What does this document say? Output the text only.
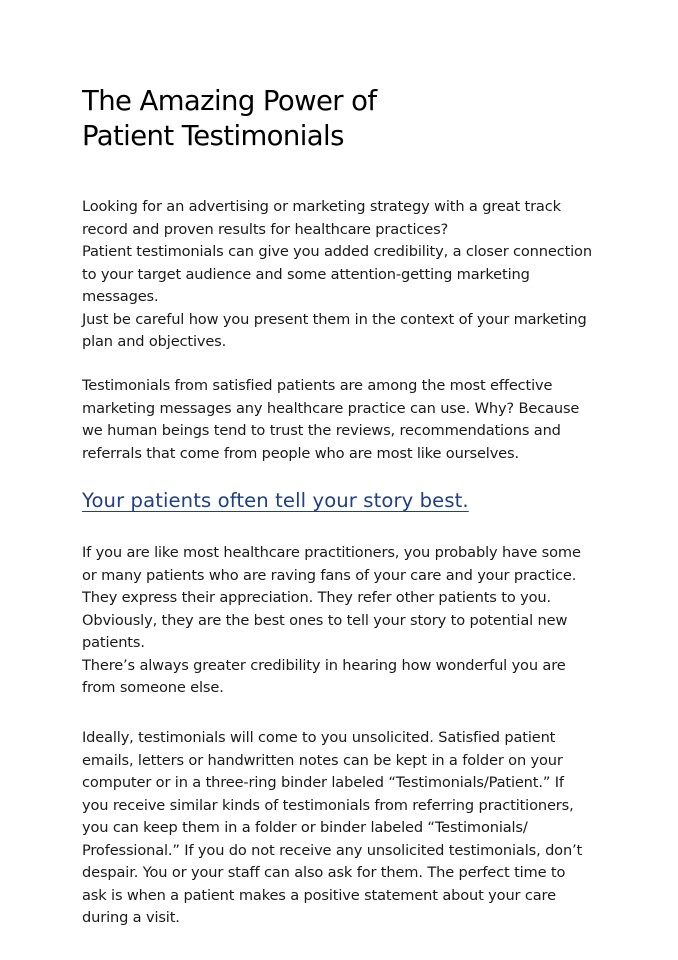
The Amazing Power of
Patient Testimonials

Looking for an advertising or marketing strategy with a great track
record and proven results for healthcare practices?
Patient testimonials can give you added credibility, a closer connection
to your target audience and some attention-getting marketing
messages.
Just be careful how you present them in the context of your marketing
plan and objectives.

Testimonials from satisfied patients are among the most effective
marketing messages any healthcare practice can use. Why? Because
we human beings tend to trust the reviews, recommendations and
referrals that come from people who are most like ourselves.

Your patients often tell your story best.

If you are like most healthcare practitioners, you probably have some
or many patients who are raving fans of your care and your practice.
They express their appreciation. They refer other patients to you.
Obviously, they are the best ones to tell your story to potential new
patients.
There’s always greater credibility in hearing how wonderful you are
from someone else.

Ideally, testimonials will come to you unsolicited. Satisfied patient
emails, letters or handwritten notes can be kept in a folder on your
computer or in a three-ring binder labeled “Testimonials/Patient.” If
you receive similar kinds of testimonials from referring practitioners,
you can keep them in a folder or binder labeled “Testimonials/
Professional.” If you do not receive any unsolicited testimonials, don’t
despair. You or your staff can also ask for them. The perfect time to
ask is when a patient makes a positive statement about your care
during a visit.
